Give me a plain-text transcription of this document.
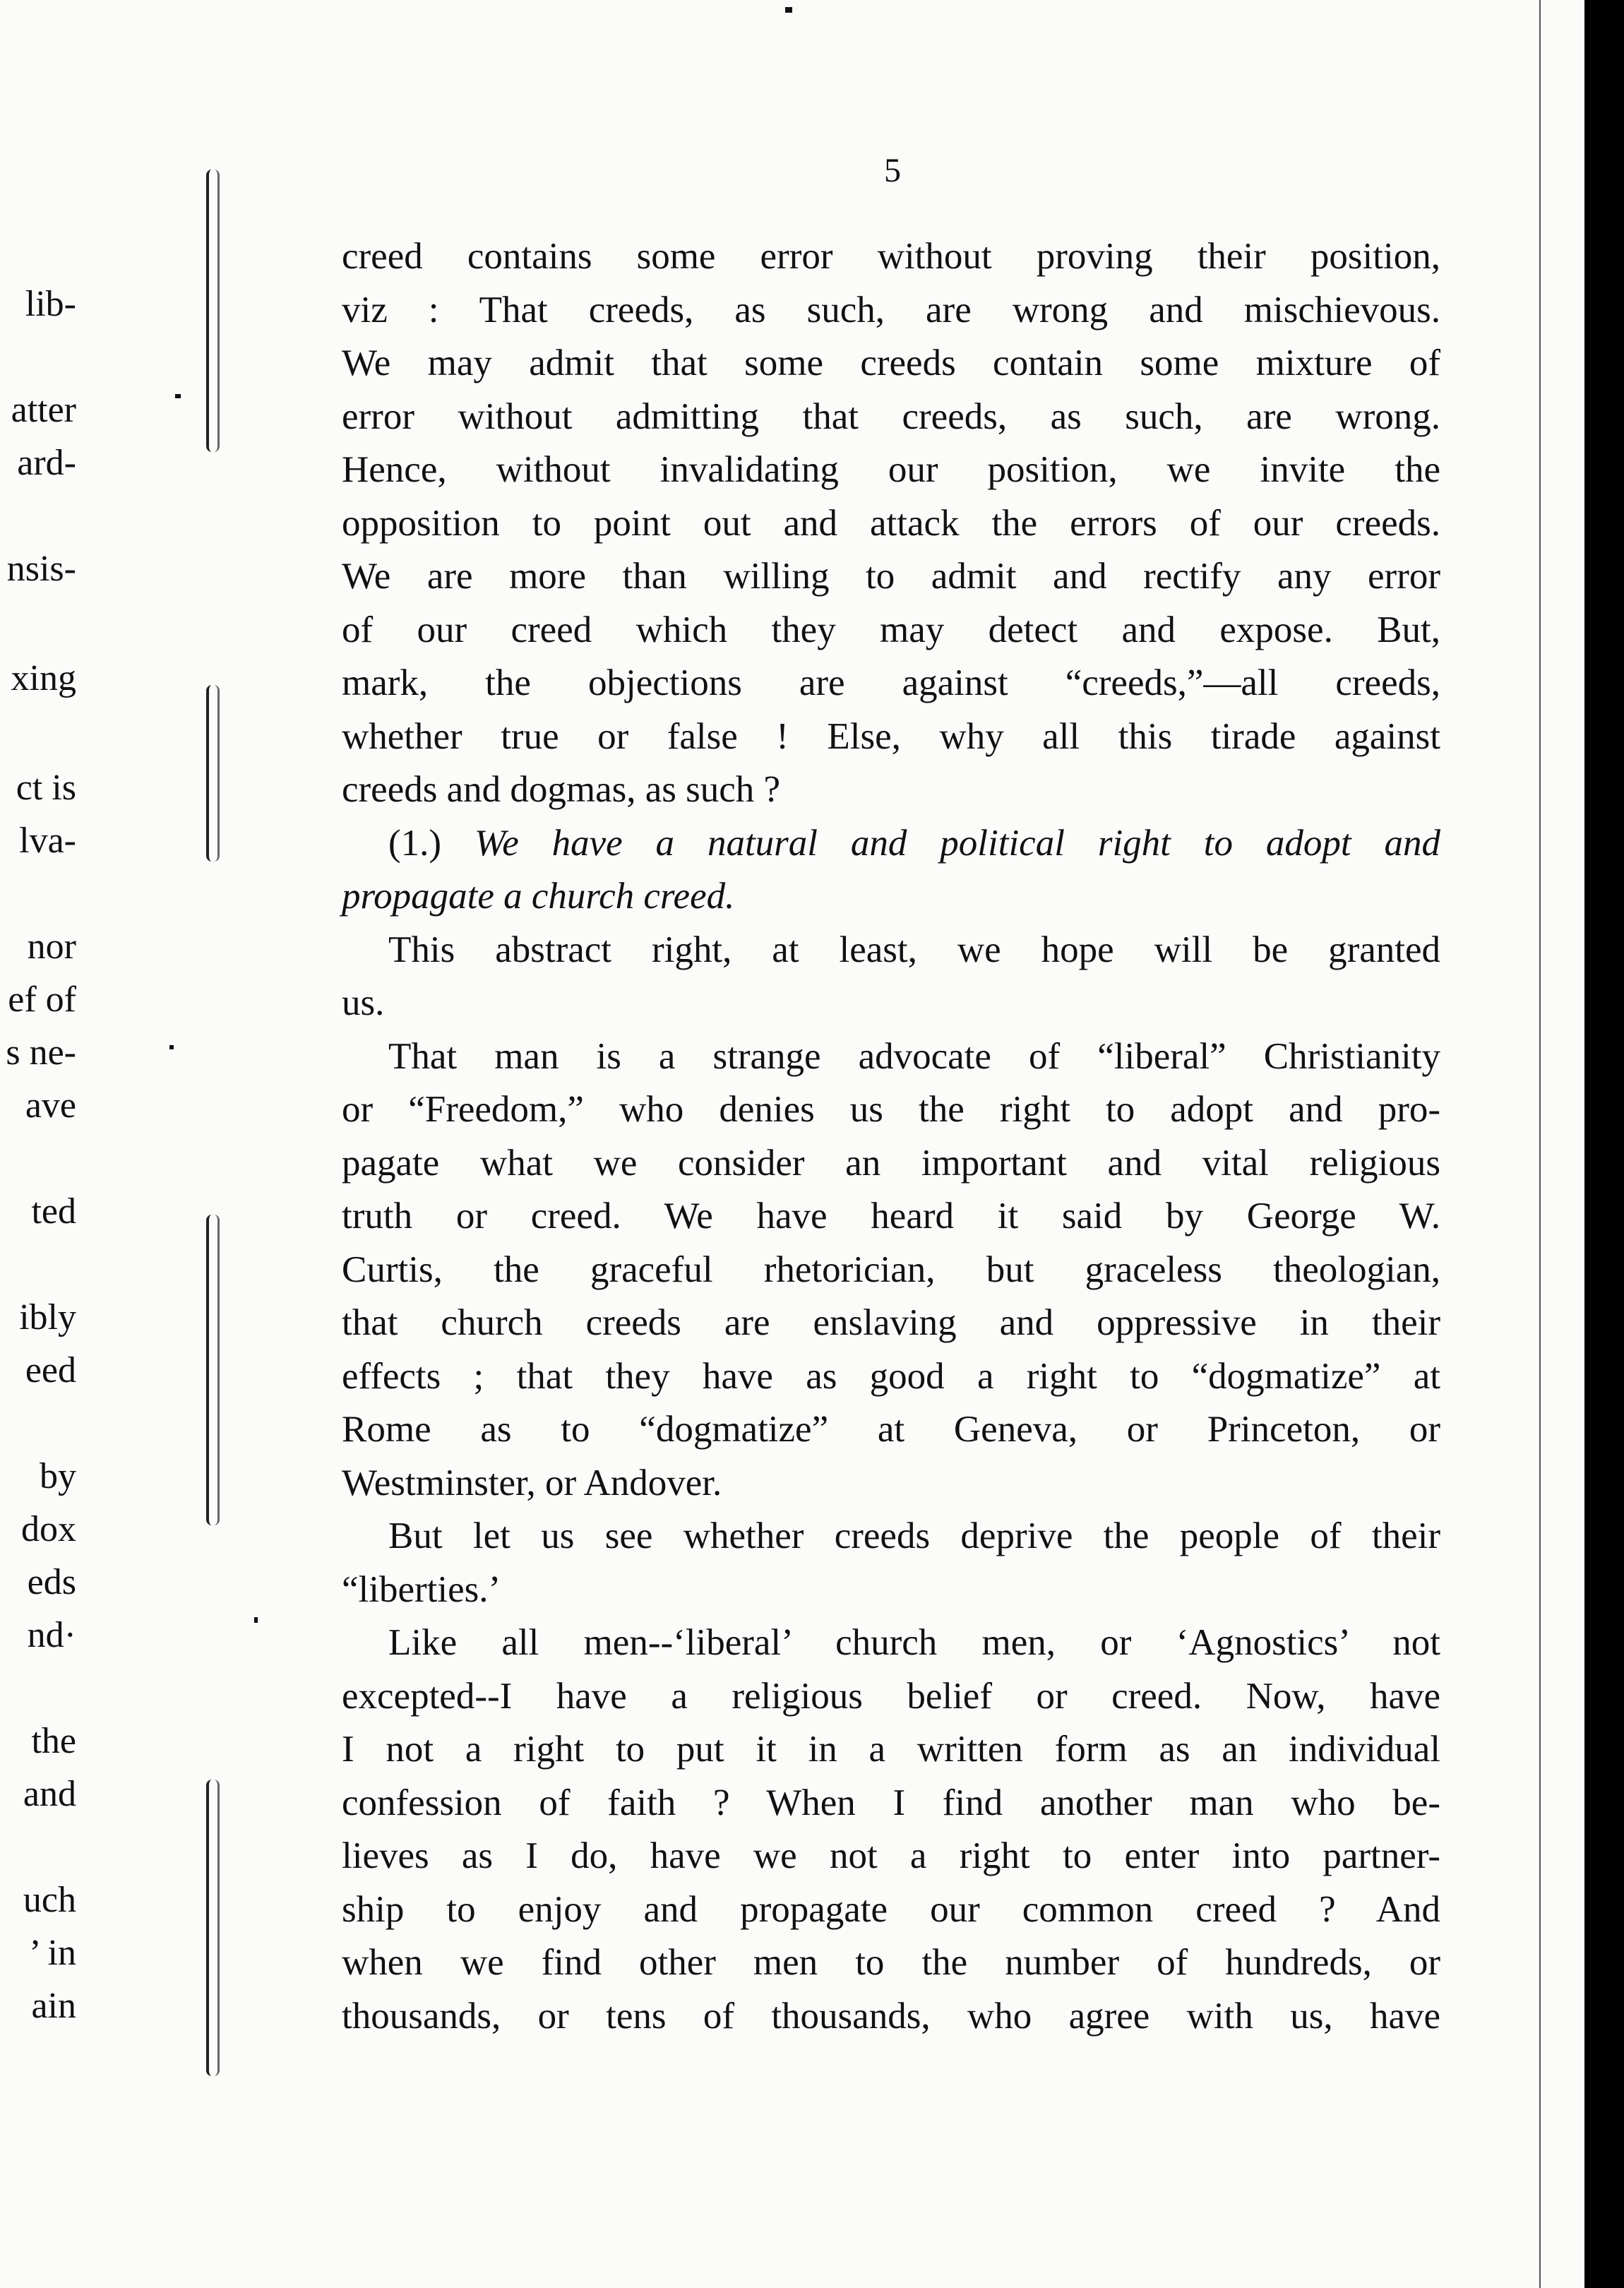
lib-
atter
ard-
nsis-
xing
ct is
lva-
nor
ef of
s ne-
ave
ted
ibly
eed
by
dox
eds
nd·
the
and
uch
’ in
ain
5
creed contains some error without proving their position,
viz : That creeds, as such, are wrong and mischievous.
We may admit that some creeds contain some mixture of
error without admitting that creeds, as such, are wrong.
Hence, without invalidating our position, we invite the
opposition to point out and attack the errors of our creeds.
We are more than willing to admit and rectify any error
of our creed which they may detect and expose. But,
mark, the objections are against “creeds,”—all creeds,
whether true or false ! Else, why all this tirade against
creeds and dogmas, as such ?
(1.) We have a natural and political right to adopt and
propagate a church creed.
This abstract right, at least, we hope will be granted
us.
That man is a strange advocate of “liberal” Christianity
or “Freedom,” who denies us the right to adopt and pro-
pagate what we consider an important and vital religious
truth or creed. We have heard it said by George W.
Curtis, the graceful rhetorician, but graceless theologian,
that church creeds are enslaving and oppressive in their
effects ; that they have as good a right to “dogmatize” at
Rome as to “dogmatize” at Geneva, or Princeton, or
Westminster, or Andover.
But let us see whether creeds deprive the people of their
“liberties.’
Like all men--‘liberal’ church men, or ‘Agnostics’ not
excepted--I have a religious belief or creed. Now, have
I not a right to put it in a written form as an individual
confession of faith ? When I find another man who be-
lieves as I do, have we not a right to enter into partner-
ship to enjoy and propagate our common creed ? And
when we find other men to the number of hundreds, or
thousands, or tens of thousands, who agree with us, have
